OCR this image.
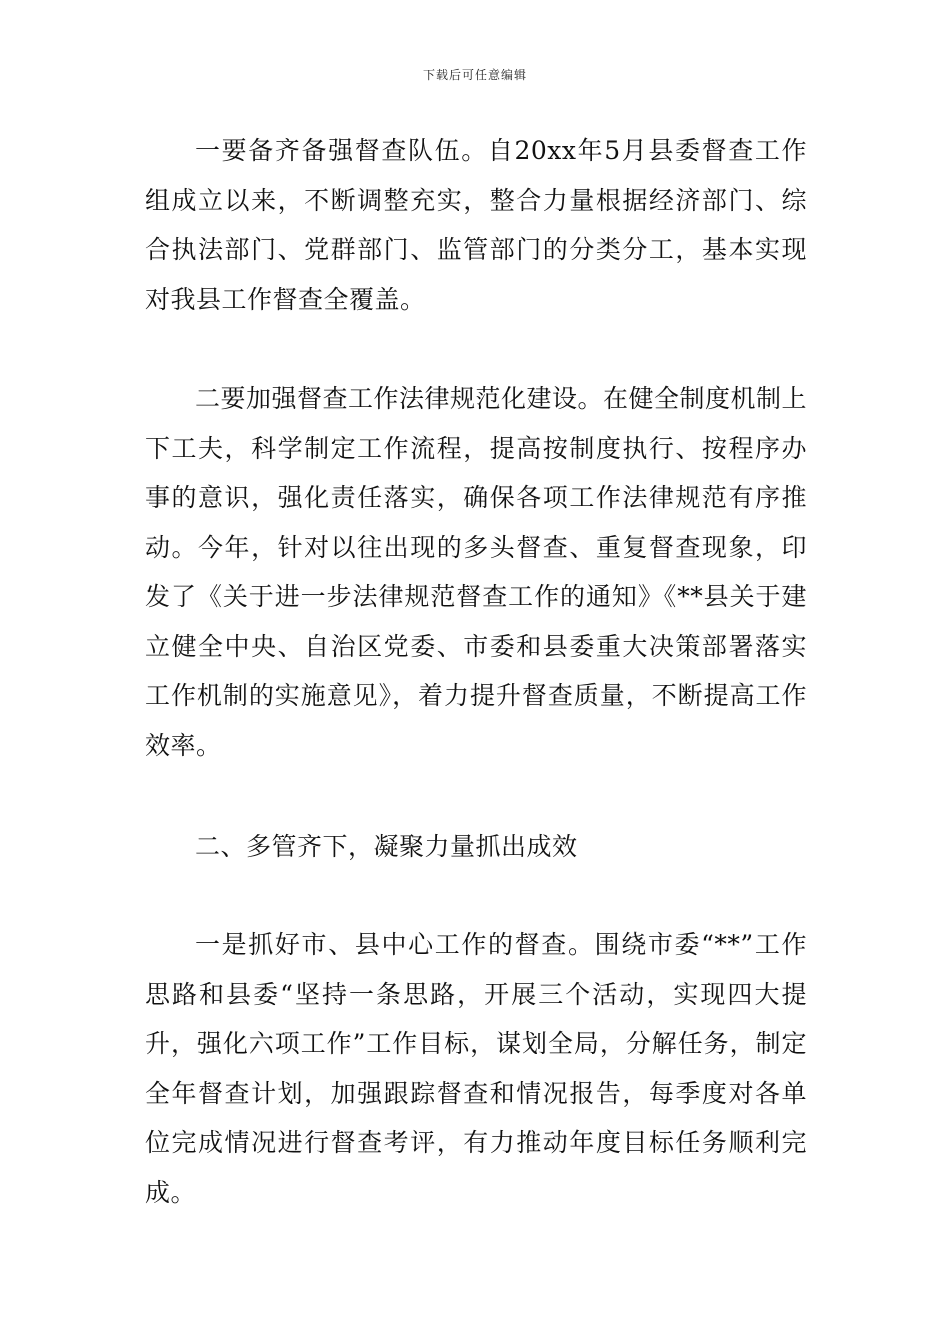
下载后可任意编辑

一要备齐备强督查队伍。自20xx年5月县委督查工作组成立以来，不断调整充实，整合力量根据经济部门、综合执法部门、党群部门、监管部门的分类分工，基本实现对我县工作督查全覆盖。

二要加强督查工作法律规范化建设。在健全制度机制上下工夫，科学制定工作流程，提高按制度执行、按程序办事的意识，强化责任落实，确保各项工作法律规范有序推动。今年，针对以往出现的多头督查、重复督查现象，印发了《关于进一步法律规范督查工作的通知》《**县关于建立健全中央、自治区党委、市委和县委重大决策部署落实工作机制的实施意见》，着力提升督查质量，不断提高工作效率。

二、多管齐下，凝聚力量抓出成效

一是抓好市、县中心工作的督查。围绕市委“**”工作思路和县委“坚持一条思路，开展三个活动，实现四大提升，强化六项工作”工作目标，谋划全局，分解任务，制定全年督查计划，加强跟踪督查和情况报告，每季度对各单位完成情况进行督查考评，有力推动年度目标任务顺利完成。
